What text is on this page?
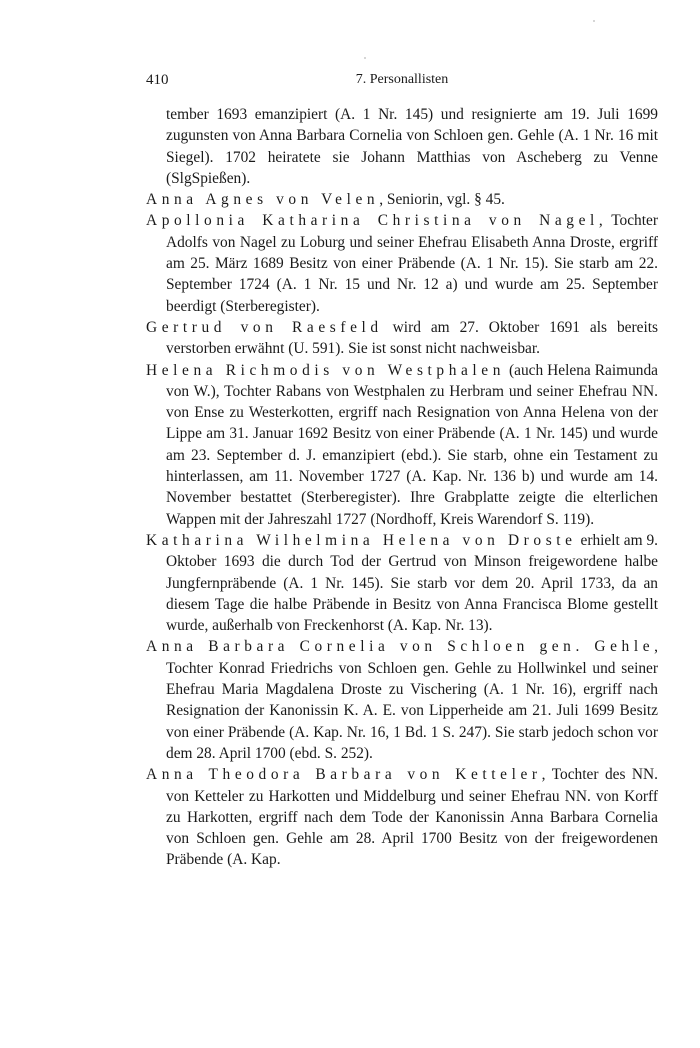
410	7. Personallisten

tember 1693 emanzipiert (A. 1 Nr. 145) und resignierte am 19. Juli 1699 zugunsten von Anna Barbara Cornelia von Schloen gen. Gehle (A. 1 Nr. 16 mit Siegel). 1702 heiratete sie Johann Matthias von Ascheberg zu Venne (SlgSpießen).

Anna Agnes von Velen, Seniorin, vgl. § 45.

Apollonia Katharina Christina von Nagel, Tochter Adolfs von Nagel zu Loburg und seiner Ehefrau Elisabeth Anna Droste, ergriff am 25. März 1689 Besitz von einer Präbende (A. 1 Nr. 15). Sie starb am 22. September 1724 (A. 1 Nr. 15 und Nr. 12 a) und wurde am 25. September beerdigt (Sterberegister).

Gertrud von Raesfeld wird am 27. Oktober 1691 als bereits verstorben erwähnt (U. 591). Sie ist sonst nicht nachweisbar.

Helena Richmodis von Westphalen (auch Helena Raimunda von W.), Tochter Rabans von Westphalen zu Herbram und seiner Ehefrau NN. von Ense zu Westerkotten, ergriff nach Resignation von Anna Helena von der Lippe am 31. Januar 1692 Besitz von einer Präbende (A. 1 Nr. 145) und wurde am 23. September d. J. emanzipiert (ebd.). Sie starb, ohne ein Testament zu hinterlassen, am 11. November 1727 (A. Kap. Nr. 136 b) und wurde am 14. November bestattet (Sterberegister). Ihre Grabplatte zeigte die elterlichen Wappen mit der Jahreszahl 1727 (Nordhoff, Kreis Warendorf S. 119).

Katharina Wilhelmina Helena von Droste erhielt am 9. Oktober 1693 die durch Tod der Gertrud von Minson freigewordene halbe Jungfernpräbende (A. 1 Nr. 145). Sie starb vor dem 20. April 1733, da an diesem Tage die halbe Präbende in Besitz von Anna Francisca Blome gestellt wurde, außerhalb von Freckenhorst (A. Kap. Nr. 13).

Anna Barbara Cornelia von Schloen gen. Gehle, Tochter Konrad Friedrichs von Schloen gen. Gehle zu Hollwinkel und seiner Ehefrau Maria Magdalena Droste zu Vischering (A. 1 Nr. 16), ergriff nach Resignation der Kanonissin K. A. E. von Lipperheide am 21. Juli 1699 Besitz von einer Präbende (A. Kap. Nr. 16, 1 Bd. 1 S. 247). Sie starb jedoch schon vor dem 28. April 1700 (ebd. S. 252).

Anna Theodora Barbara von Ketteler, Tochter des NN. von Ketteler zu Harkotten und Middelburg und seiner Ehefrau NN. von Korff zu Harkotten, ergriff nach dem Tode der Kanonissin Anna Barbara Cornelia von Schloen gen. Gehle am 28. April 1700 Besitz von der freigewordenen Präbende (A. Kap.
